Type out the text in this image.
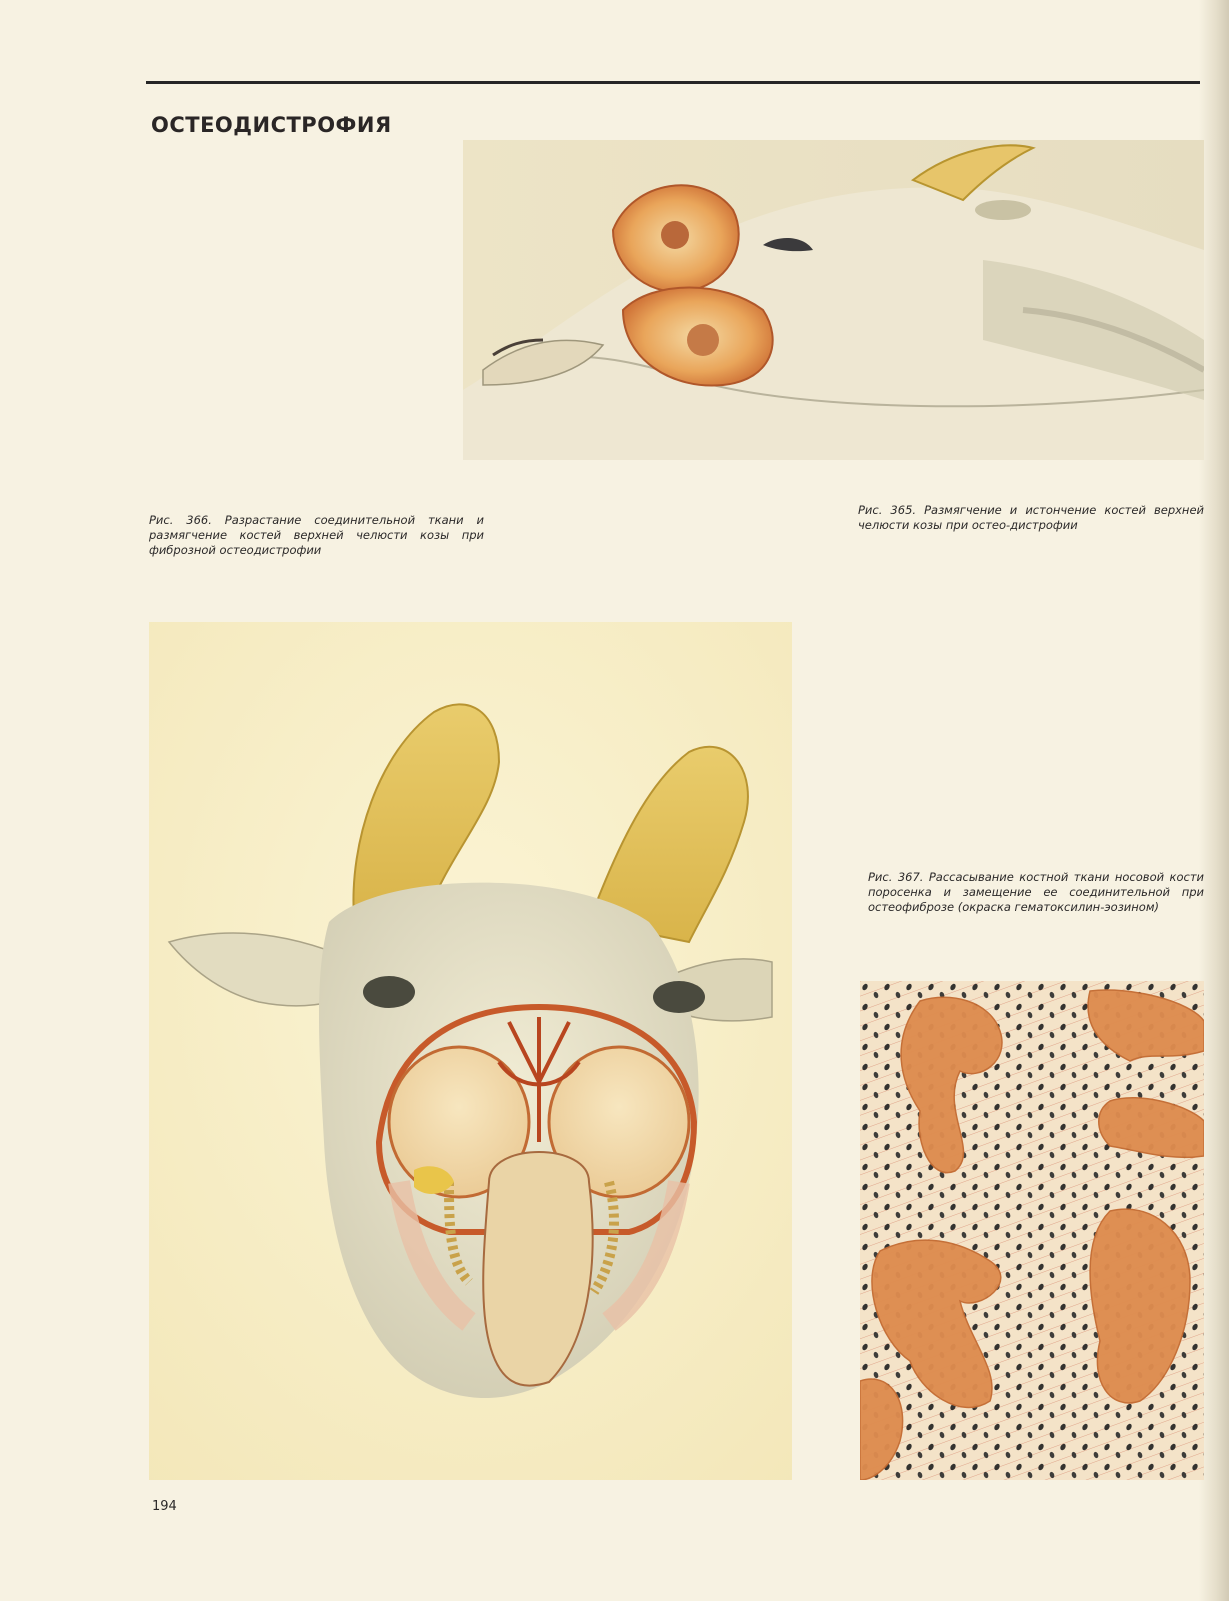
ОСТЕОДИСТРОФИЯ

Рис. 366. Разрастание соединительной ткани и размягчение костей верхней челюсти козы при фиброзной остеодистрофии

Рис. 365. Размягчение и истончение костей верхней челюсти козы при остео-дистрофии

Рис. 367. Рассасывание костной ткани носовой кости поросенка и замещение ее соединительной при остеофиброзе (окраска гематоксилин-эозином)

194
